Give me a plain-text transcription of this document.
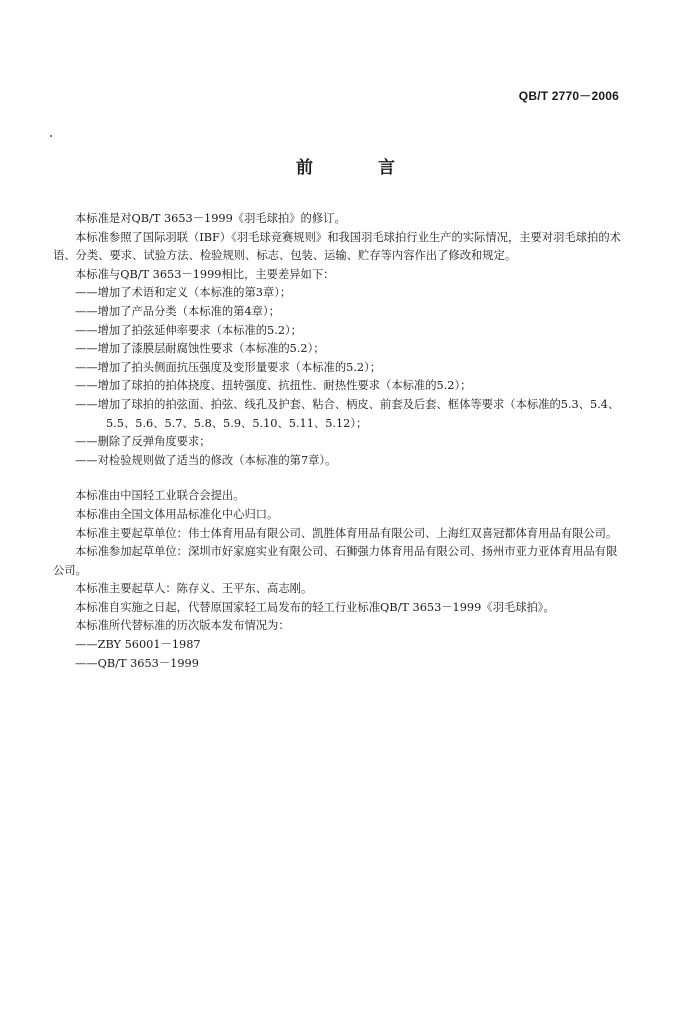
QB/T 2770－2006
前　言

本标准是对QB/T 3653－1999《羽毛球拍》的修订。

本标准参照了国际羽联（IBF）《羽毛球竞赛规则》和我国羽毛球拍行业生产的实际情况，主要对羽毛球拍的术语、分类、要求、试验方法、检验规则、标志、包装、运输、贮存等内容作出了修改和规定。

本标准与QB/T 3653－1999相比，主要差异如下：

——增加了术语和定义（本标准的第3章）；

——增加了产品分类（本标准的第4章）；

——增加了拍弦延伸率要求（本标准的5.2）；

——增加了漆膜层耐腐蚀性要求（本标准的5.2）；

——增加了拍头侧面抗压强度及变形量要求（本标准的5.2）；

——增加了球拍的拍体挠度、扭转强度、抗扭性、耐热性要求（本标准的5.2）；

——增加了球拍的拍弦面、拍弦、线孔及护套、粘合、柄皮、前套及后套、框体等要求（本标准的5.3、5.4、5.5、5.6、5.7、5.8、5.9、5.10、5.11、5.12）；

——删除了反弹角度要求；

——对检验规则做了适当的修改（本标准的第7章）。

本标准由中国轻工业联合会提出。

本标准由全国文体用品标准化中心归口。

本标准主要起草单位：伟士体育用品有限公司、凯胜体育用品有限公司、上海红双喜冠都体育用品有限公司。

本标准参加起草单位：深圳市好家庭实业有限公司、石狮强力体育用品有限公司、扬州市亚力亚体育用品有限公司。

本标准主要起草人：陈存义、王平东、高志刚。

本标准自实施之日起，代替原国家轻工局发布的轻工行业标准QB/T 3653－1999《羽毛球拍》。

本标准所代替标准的历次版本发布情况为：

——ZBY 56001－1987

——QB/T 3653－1999
